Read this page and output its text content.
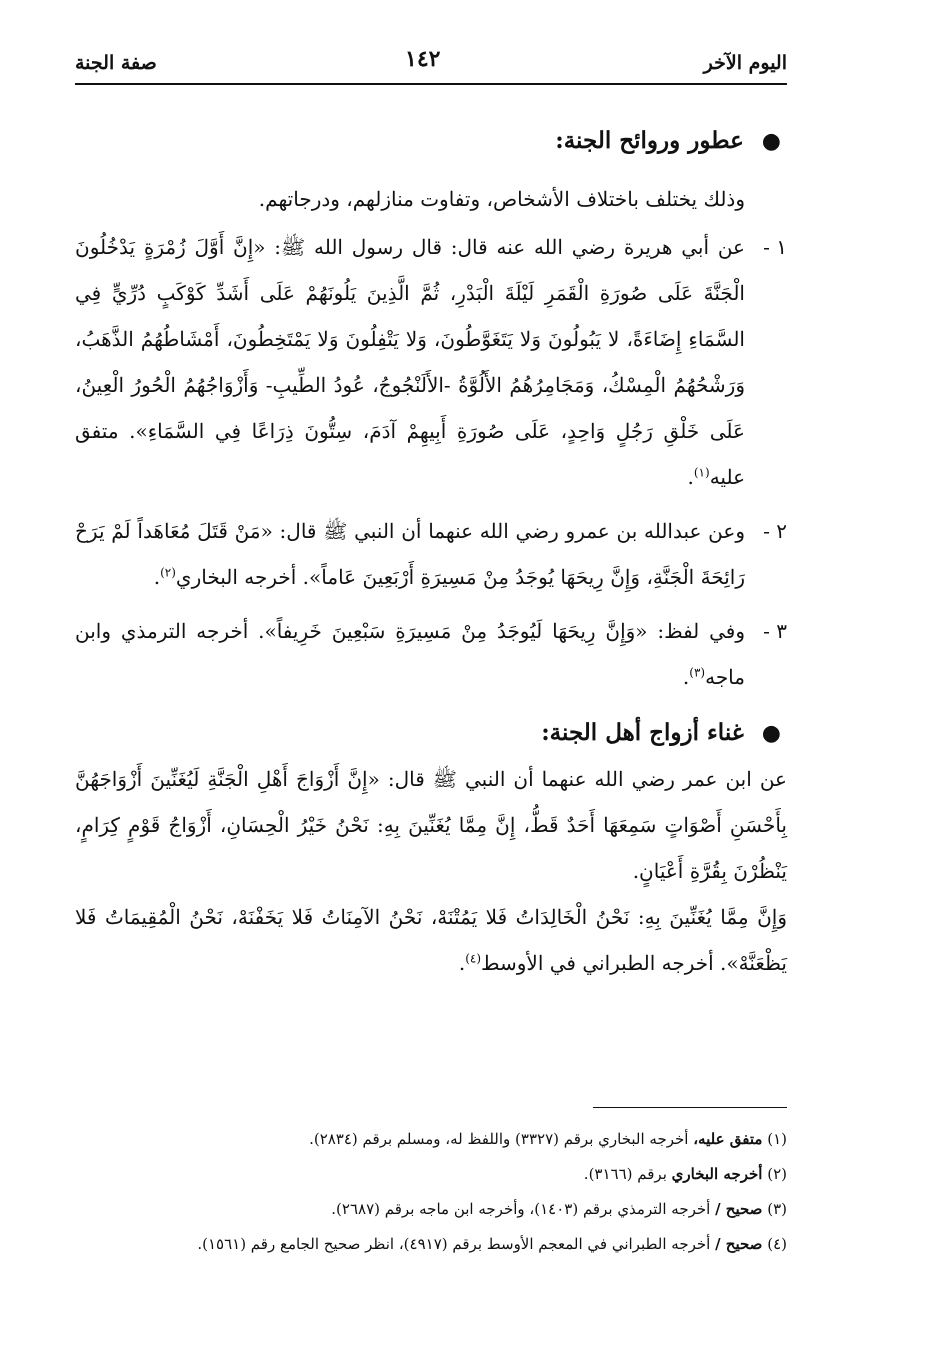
اليوم الآخر
١٤٢
صفة الجنة

●عطور وروائح الجنة:

وذلك يختلف باختلاف الأشخاص، وتفاوت منازلهم، ودرجاتهم.

١ -
عن أبي هريرة رضي الله عنه قال: قال رسول الله ﷺ: «إِنَّ أَوَّلَ زُمْرَةٍ يَدْخُلُونَ الْجَنَّةَ عَلَى صُورَةِ الْقَمَرِ لَيْلَةَ الْبَدْرِ، ثُمَّ الَّذِينَ يَلُونَهُمْ عَلَى أَشَدِّ كَوْكَبٍ دُرِّيٍّ فِي السَّمَاءِ إِضَاءَةً، لا يَبُولُونَ وَلا يَتَغَوَّطُونَ، وَلا يَتْفِلُونَ وَلا يَمْتَخِطُونَ، أَمْشَاطُهُمُ الذَّهَبُ، وَرَشْحُهُمُ الْمِسْكُ، وَمَجَامِرُهُمُ الأَلُوَّةُ -الأَلَنْجُوجُ، عُودُ الطِّيبِ- وَأَزْوَاجُهُمُ الْحُورُ الْعِينُ، عَلَى خَلْقِ رَجُلٍ وَاحِدٍ، عَلَى صُورَةِ أَبِيهِمْ آدَمَ، سِتُّونَ ذِرَاعًا فِي السَّمَاءِ». متفق عليه$^{(١)}$.
٢ -
وعن عبدالله بن عمرو رضي الله عنهما أن النبي ﷺ قال: «مَنْ قَتَلَ مُعَاهَداً لَمْ يَرَحْ رَائِحَةَ الْجَنَّةِ، وَإِنَّ رِيحَهَا يُوجَدُ مِنْ مَسِيرَةِ أَرْبَعِينَ عَاماً». أخرجه البخاري$^{(٢)}$.
٣ -
وفي لفظ: «وَإِنَّ رِيحَهَا لَيُوجَدُ مِنْ مَسِيرَةِ سَبْعِينَ خَرِيفاً». أخرجه الترمذي وابن ماجه$^{(٣)}$.

●غناء أزواج أهل الجنة:

عن ابن عمر رضي الله عنهما أن النبي ﷺ قال: «إِنَّ أَزْوَاجَ أَهْلِ الْجَنَّةِ لَيُغَنِّينَ أَزْوَاجَهُنَّ بِأَحْسَنِ أَصْوَاتٍ سَمِعَهَا أَحَدٌ قَطُّ، إِنَّ مِمَّا يُغَنِّينَ بِهِ: نَحْنُ خَيْرُ الْحِسَانِ، أَزْوَاجُ قَوْمٍ كِرَامٍ، يَنْظُرْنَ بِقُرَّةِ أَعْيَانٍ.

وَإِنَّ مِمَّا يُغَنِّينَ بِهِ: نَحْنُ الْخَالِدَاتُ فَلا يَمُتْنَهْ، نَحْنُ الآمِنَاتُ فَلا يَخَفْنَهْ، نَحْنُ الْمُقِيمَاتُ فَلا يَظْعَنَّهْ». أخرجه الطبراني في الأوسط$^{(٤)}$.

(١) متفق عليه، أخرجه البخاري برقم (٣٣٢٧) واللفظ له، ومسلم برقم (٢٨٣٤).

(٢) أخرجه البخاري برقم (٣١٦٦).

(٣) صحيح / أخرجه الترمذي برقم (١٤٠٣)، وأخرجه ابن ماجه برقم (٢٦٨٧).

(٤) صحيح / أخرجه الطبراني في المعجم الأوسط برقم (٤٩١٧)، انظر صحيح الجامع رقم (١٥٦١).
